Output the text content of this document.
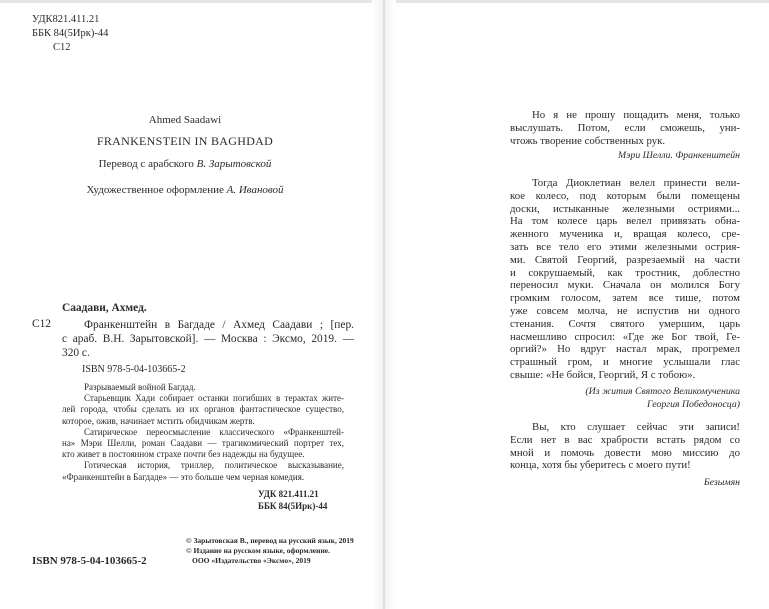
УДК821.411.21
ББК 84(5Ирк)-44
С12
Ahmed Saadawi
FRANKENSTEIN IN BAGHDAD
Перевод с арабского В. Зарытовской
Художественное оформление А. Ивановой
Саадави, Ахмед.
С12	Франкенштейн в Багдаде / Ахмед Саадави ; [пер.
с араб. В.Н. Зарытовской]. — Москва : Эксмо, 2019. —
320 с.
ISBN 978-5-04-103665-2
Разрываемый войной Багдад.
Старьевщик Хади собирает останки погибших в терактах жите-
лей города, чтобы сделать из их органов фантастическое существо,
которое, ожив, начинает мстить обидчикам жертв.
Сатирическое переосмысление классического «Франкенштей-
на» Мэри Шелли, роман Саадави — трагикомический портрет тех,
кто живет в постоянном страхе почти без надежды на будущее.
Готическая история, триллер, политическое высказывание,
«Франкенштейн в Багдаде» — это больше чем черная комедия.
УДК 821.411.21
ББК 84(5Ирк)-44
© Зарытовская В., перевод на русский язык, 2019
© Издание на русском языке, оформление.
ООО «Издательство «Эксмо», 2019
ISBN 978-5-04-103665-2
Но я не прошу пощадить меня, только
выслушать. Потом, если сможешь, уни-
чтожь творение собственных рук.
Мэри Шелли. Франкенштейн
Тогда Диоклетиан велел принести вели-
кое колесо, под которым были помещены
доски, истыканные железными остриями...
На том колесе царь велел привязать обна-
женного мученика и, вращая колесо, сре-
зать все тело его этими железными острия-
ми. Святой Георгий, разрезаемый на части
и сокрушаемый, как тростник, доблестно
переносил муки. Сначала он молился Богу
громким голосом, затем все тише, потом
уже совсем молча, не испустив ни одного
стенания. Сочтя святого умершим, царь
насмешливо спросил: «Где же Бог твой, Ге-
оргий?» Но вдруг настал мрак, прогремел
страшный гром, и многие услышали глас
свыше: «Не бойся, Георгий, Я с тобою».
(Из жития Святого Великомученика
Георгия Победоносца)
Вы, кто слушает сейчас эти записи!
Если нет в вас храбрости встать рядом со
мной и помочь довести мою миссию до
конца, хотя бы уберитесь с моего пути!
Безымян
